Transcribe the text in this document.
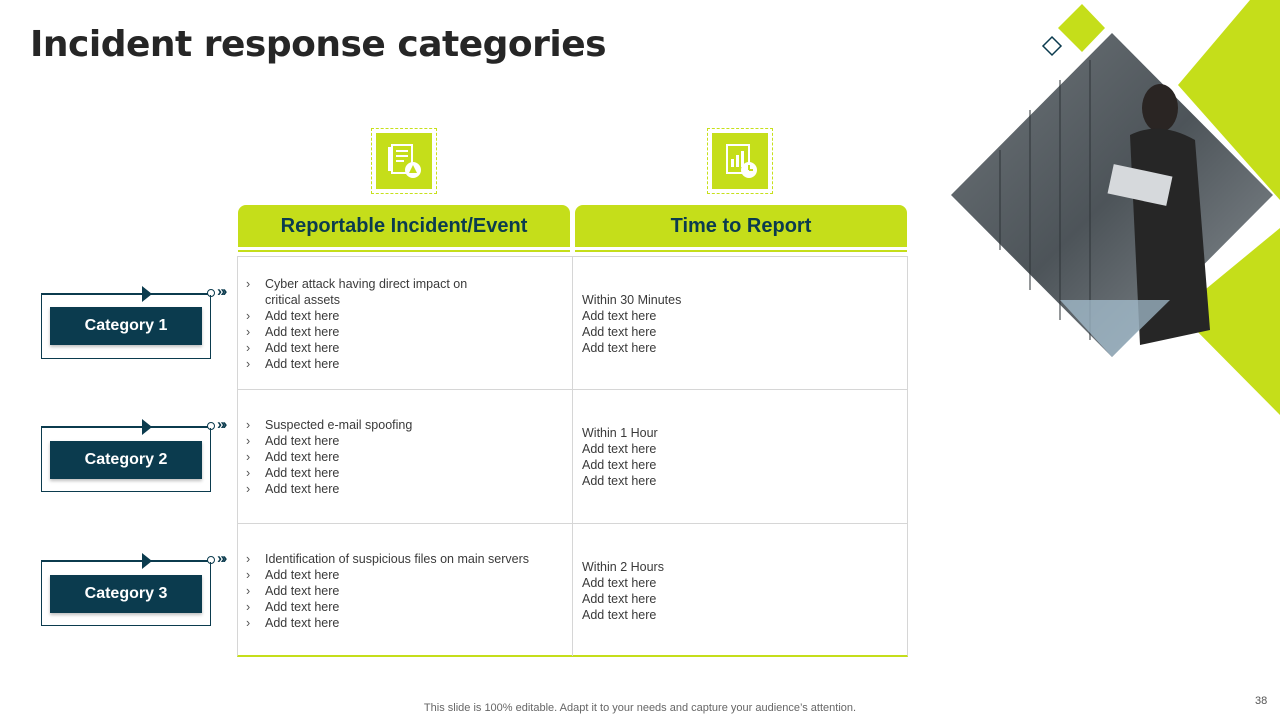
Incident response categories
Reportable Incident/Event	Time to Report
› Cyber attack having direct impact on critical assets
› Add text here
› Add text here
› Add text here
› Add text here
Within 30 Minutes
Add text here
Add text here
Add text here
› Suspected e-mail spoofing
› Add text here
› Add text here
› Add text here
› Add text here
Within 1 Hour
Add text here
Add text here
Add text here
› Identification of suspicious files on main servers
› Add text here
› Add text here
› Add text here
› Add text here
Within 2 Hours
Add text here
Add text here
Add text here
»›
Category 1
»›
Category 2
»›
Category 3
This slide is 100% editable. Adapt it to your needs and capture your audience’s attention.
38
